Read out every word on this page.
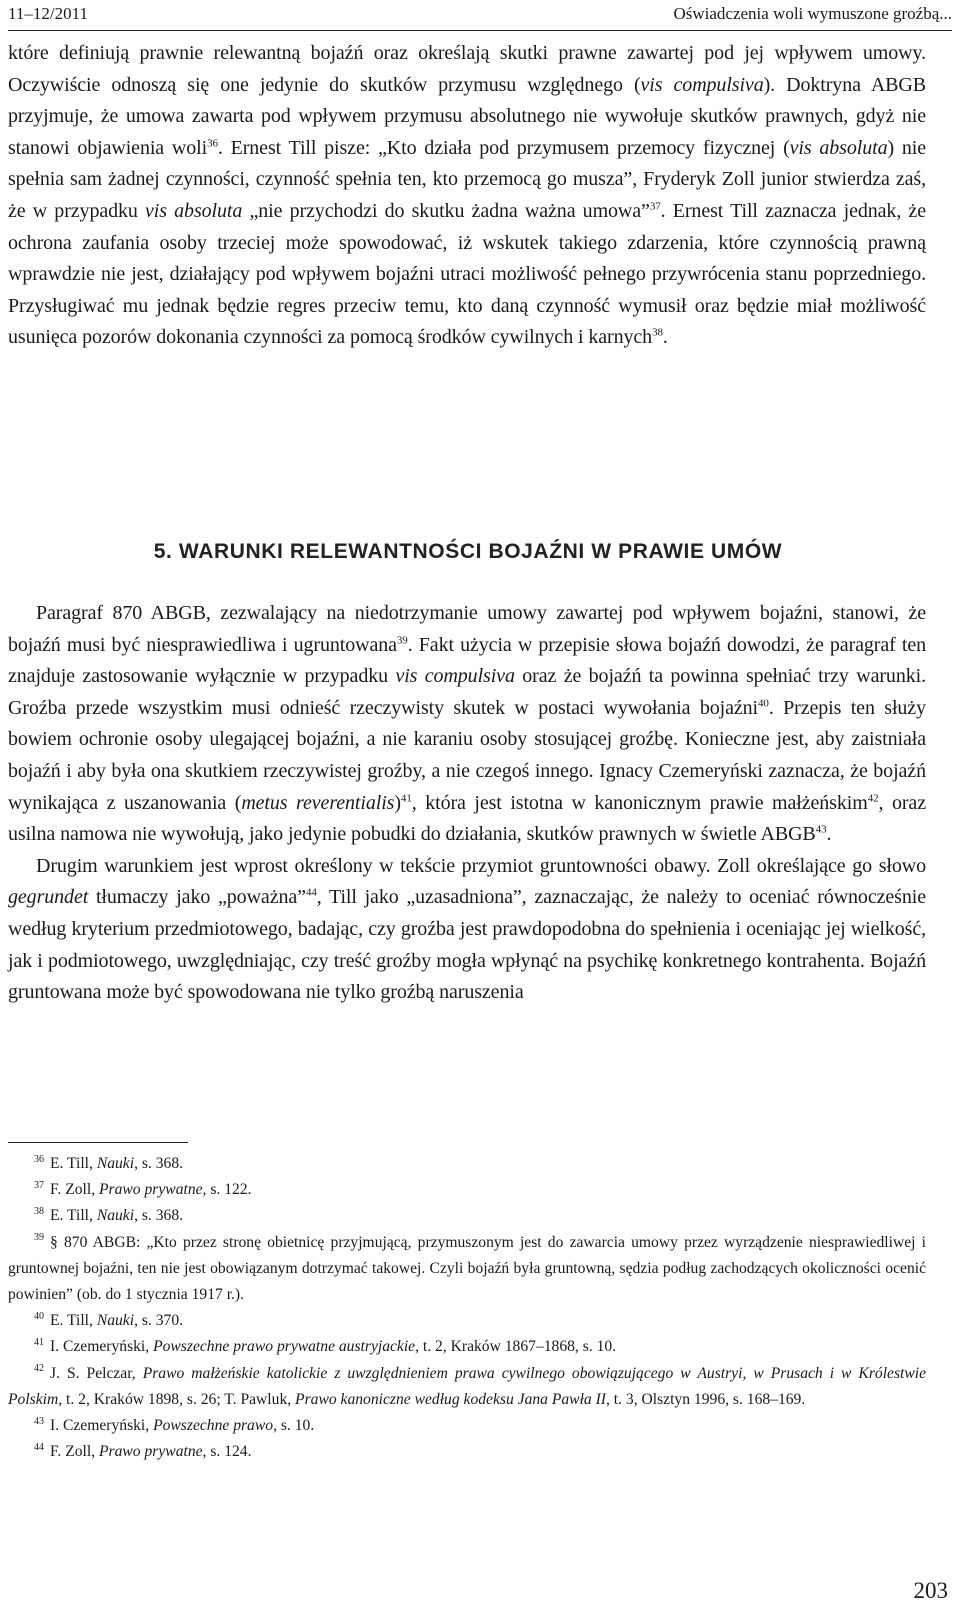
11–12/2011	Oświadczenia woli wymuszone groźbą...

które definiują prawnie relewantną bojaźń oraz określają skutki prawne zawartej pod jej wpływem umowy. Oczywiście odnoszą się one jedynie do skutków przymusu względnego (vis compulsiva). Doktryna ABGB przyjmuje, że umowa zawarta pod wpływem przymusu absolutnego nie wywołuje skutków prawnych, gdyż nie stanowi objawienia woli$^{36}$. Ernest Till pisze: „Kto działa pod przymusem przemocy fizycznej (vis absoluta) nie spełnia sam żadnej czynności, czynność spełnia ten, kto przemocą go musza”, Fryderyk Zoll junior stwierdza zaś, że w przypadku vis absoluta „nie przychodzi do skutku żadna ważna umowa”$^{37}$. Ernest Till zaznacza jednak, że ochrona zaufania osoby trzeciej może spowodować, iż wskutek takiego zdarzenia, które czynnością prawną wprawdzie nie jest, działający pod wpływem bojaźni utraci możliwość pełnego przywrócenia stanu poprzedniego. Przysługiwać mu jednak będzie regres przeciw temu, kto daną czynność wymusił oraz będzie miał możliwość usunięca pozorów dokonania czynności za pomocą środków cywilnych i karnych$^{38}$.

5. WARUNKI RELEWANTNOŚCI BOJAŹNI W PRAWIE UMÓW

Paragraf 870 ABGB, zezwalający na niedotrzymanie umowy zawartej pod wpływem bojaźni, stanowi, że bojaźń musi być niesprawiedliwa i ugruntowana$^{39}$. Fakt użycia w przepisie słowa bojaźń dowodzi, że paragraf ten znajduje zastosowanie wyłącznie w przypadku vis compulsiva oraz że bojaźń ta powinna spełniać trzy warunki. Groźba przede wszystkim musi odnieść rzeczywisty skutek w postaci wywołania bojaźni$^{40}$. Przepis ten służy bowiem ochronie osoby ulegającej bojaźni, a nie karaniu osoby stosującej groźbę. Konieczne jest, aby zaistniała bojaźń i aby była ona skutkiem rzeczywistej groźby, a nie czegoś innego. Ignacy Czemeryński zaznacza, że bojaźń wynikająca z uszanowania (metus reverentialis)$^{41}$, która jest istotna w kanonicznym prawie małżeńskim$^{42}$, oraz usilna namowa nie wywołują, jako jedynie pobudki do działania, skutków prawnych w świetle ABGB$^{43}$.

Drugim warunkiem jest wprost określony w tekście przymiot gruntowności obawy. Zoll określające go słowo gegrundet tłumaczy jako „poważna”$^{44}$, Till jako „uzasadniona”, zaznaczając, że należy to oceniać równocześnie według kryterium przedmiotowego, badając, czy groźba jest prawdopodobna do spełnienia i oceniając jej wielkość, jak i podmiotowego, uwzględniając, czy treść groźby mogła wpłynąć na psychikę konkretnego kontrahenta. Bojaźń gruntowana może być spowodowana nie tylko groźbą naruszenia

$^{36}$ E. Till, Nauki, s. 368.

$^{37}$ F. Zoll, Prawo prywatne, s. 122.

$^{38}$ E. Till, Nauki, s. 368.

$^{39}$ § 870 ABGB: „Kto przez stronę obietnicę przyjmującą, przymuszonym jest do zawarcia umowy przez wyrządzenie niesprawiedliwej i gruntownej bojaźni, ten nie jest obowiązanym dotrzymać takowej. Czyli bojaźń była gruntowną, sędzia podług zachodzących okoliczności ocenić powinien” (ob. do 1 stycznia 1917 r.).

$^{40}$ E. Till, Nauki, s. 370.

$^{41}$ I. Czemeryński, Powszechne prawo prywatne austryjackie, t. 2, Kraków 1867–1868, s. 10.

$^{42}$ J. S. Pelczar, Prawo małżeńskie katolickie z uwzględnieniem prawa cywilnego obowiązującego w Austryi, w Prusach i w Królestwie Polskim, t. 2, Kraków 1898, s. 26; T. Pawluk, Prawo kanoniczne według kodeksu Jana Pawła II, t. 3, Olsztyn 1996, s. 168–169.

$^{43}$ I. Czemeryński, Powszechne prawo, s. 10.

$^{44}$ F. Zoll, Prawo prywatne, s. 124.

203
